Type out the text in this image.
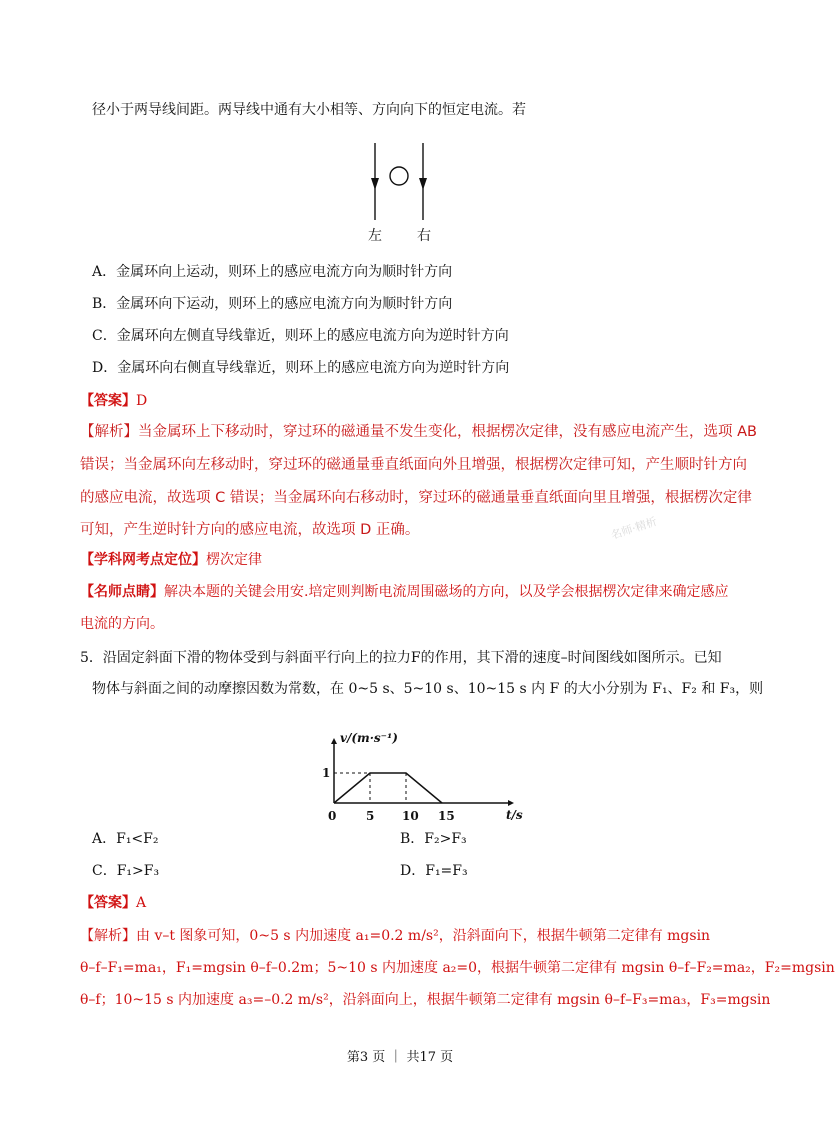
径小于两导线间距。两导线中通有大小相等、方向向下的恒定电流。若
左	右
A．金属环向上运动，则环上的感应电流方向为顺时针方向
B．金属环向下运动，则环上的感应电流方向为顺时针方向
C．金属环向左侧直导线靠近，则环上的感应电流方向为逆时针方向
D．金属环向右侧直导线靠近，则环上的感应电流方向为逆时针方向
【答案】D
【解析】当金属环上下移动时，穿过环的磁通量不发生变化，根据楞次定律，没有感应电流产生，选项 AB
错误；当金属环向左移动时，穿过环的磁通量垂直纸面向外且增强，根据楞次定律可知，产生顺时针方向
的感应电流，故选项 C 错误；当金属环向右移动时，穿过环的磁通量垂直纸面向里且增强，根据楞次定律
可知，产生逆时针方向的感应电流，故选项 D 正确。	名师·精析
【学科网考点定位】楞次定律
【名师点睛】解决本题的关键会用安.培定则判断电流周围磁场的方向，以及学会根据楞次定律来确定感应
电流的方向。
5．沿固定斜面下滑的物体受到与斜面平行向上的拉力F的作用，其下滑的速度–时间图线如图所示。已知
物体与斜面之间的动摩擦因数为常数，在 0~5 s、5~10 s、10~15 s 内 F 的大小分别为 F₁、F₂ 和 F₃，则
v/(m·s⁻¹)
t/s
0 5 10 15
1
A．F₁<F₂	B．F₂>F₃
C．F₁>F₃	D．F₁=F₃
【答案】A
【解析】由 v–t 图象可知，0~5 s 内加速度 a₁=0.2 m/s²，沿斜面向下，根据牛顿第二定律有 mgsin
θ–f–F₁=ma₁，F₁=mgsin θ–f–0.2m；5~10 s 内加速度 a₂=0，根据牛顿第二定律有 mgsin θ–f–F₂=ma₂，F₂=mgsin
θ–f；10~15 s 内加速度 a₃=–0.2 m/s²，沿斜面向上，根据牛顿第二定律有 mgsin θ–f–F₃=ma₃，F₃=mgsin
第3 页 ｜ 共17 页
